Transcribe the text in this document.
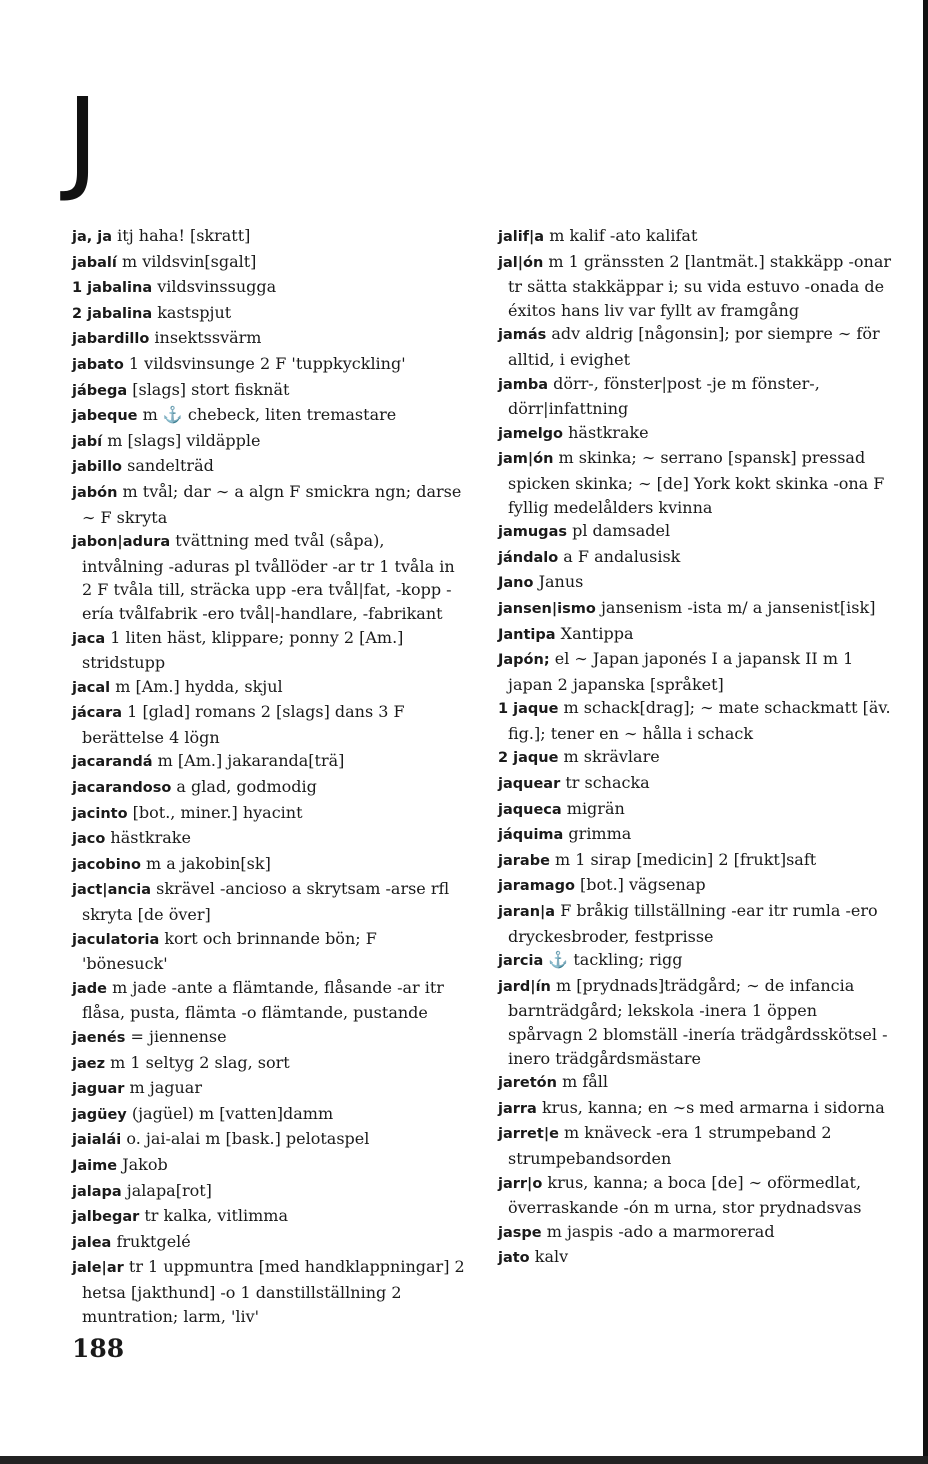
J
ja, ja itj haha! [skratt]
jabalí m vildsvin[sgalt]
1 jabalina vildsvinssugga
2 jabalina kastspjut
jabardillo insektssvärm
jabato 1 vildsvinsunge 2 F 'tuppkyckling'
jábega [slags] stort fisknät
jabeque m ⚓ chebeck, liten tremastare
jabí m [slags] vildäpple
jabillo sandelträd
jabón m tvål; dar ∼ a algn F smickra ngn; darse ∼ F skryta
jabon|adura tvättning med tvål (såpa), intvålning -aduras pl tvållöder -ar tr 1 tvåla in 2 F tvåla till, sträcka upp -era tvål|fat, -kopp -ería tvålfabrik -ero tvål|-handlare, -fabrikant
jaca 1 liten häst, klippare; ponny 2 [Am.] stridstupp
jacal m [Am.] hydda, skjul
jácara 1 [glad] romans 2 [slags] dans 3 F berättelse 4 lögn
jacarandá m [Am.] jakaranda[trä]
jacarandoso a glad, godmodig
jacinto [bot., miner.] hyacint
jaco hästkrake
jacobino m a jakobin[sk]
jact|ancia skrävel -ancioso a skrytsam -arse rfl skryta [de över]
jaculatoria kort och brinnande bön; F 'bönesuck'
jade m jade -ante a flämtande, flåsande -ar itr flåsa, pusta, flämta -o flämtande, pustande
jaenés = jiennense
jaez m 1 seltyg 2 slag, sort
jaguar m jaguar
jagüey (jagüel) m [vatten]damm
jaialái o. jai-alai m [bask.] pelotaspel
Jaime Jakob
jalapa jalapa[rot]
jalbegar tr kalka, vitlimma
jalea fruktgelé
jale|ar tr 1 uppmuntra [med handklappningar] 2 hetsa [jakthund] -o 1 danstillställning 2 muntration; larm, 'liv'
jalif|a m kalif -ato kalifat
jal|ón m 1 gränssten 2 [lantmät.] stakkäpp -onar tr sätta stakkäppar i; su vida estuvo -onada de éxitos hans liv var fyllt av framgång
jamás adv aldrig [någonsin]; por siempre ∼ för alltid, i evighet
jamba dörr-, fönster|post -je m fönster-, dörr|infattning
jamelgo hästkrake
jam|ón m skinka; ∼ serrano [spansk] pressad spicken skinka; ∼ [de] York kokt skinka -ona F fyllig medelålders kvinna
jamugas pl damsadel
jándalo a F andalusisk
Jano Janus
jansen|ismo jansenism -ista m/ a jansenist[isk]
Jantipa Xantippa
Japón; el ∼ Japan japonés I a japansk II m 1 japan 2 japanska [språket]
1 jaque m schack[drag]; ∼ mate schackmatt [äv. fig.]; tener en ∼ hålla i schack
2 jaque m skrävlare
jaquear tr schacka
jaqueca migrän
jáquima grimma
jarabe m 1 sirap [medicin] 2 [frukt]saft
jaramago [bot.] vägsenap
jaran|a F bråkig tillställning -ear itr rumla -ero dryckesbroder, festprisse
jarcia ⚓ tackling; rigg
jard|ín m [prydnads]trädgård; ∼ de infancia barnträdgård; lekskola -inera 1 öppen spårvagn 2 blomställ -inería trädgårdsskötsel -inero trädgårdsmästare
jaretón m fåll
jarra krus, kanna; en ∼s med armarna i sidorna
jarret|e m knäveck -era 1 strumpeband 2 strumpebandsorden
jarr|o krus, kanna; a boca [de] ∼ oförmedlat, överraskande -ón m urna, stor prydnadsvas
jaspe m jaspis -ado a marmorerad
jato kalv
188
